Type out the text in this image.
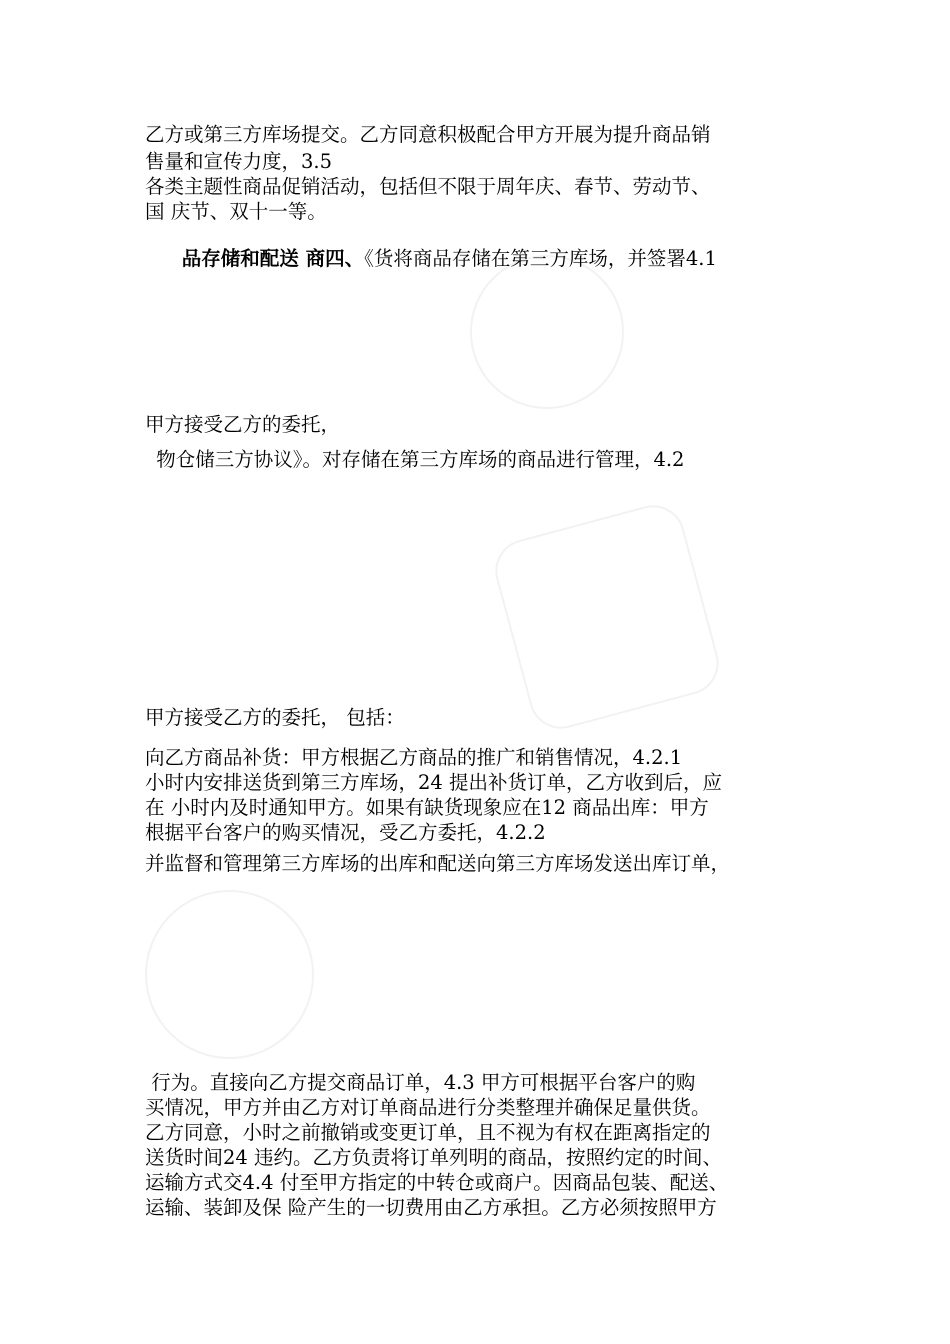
乙方或第三方库场提交。乙方同意积极配合甲方开展为提升商品销
售量和宣传力度，3.5
各类主题性商品促销活动，包括但不限于周年庆、春节、劳动节、
国 庆节、双十一等。

品存储和配送 商四、《货将商品存储在第三方库场，并签署4.1

甲方接受乙方的委托，
物仓储三方协议》。对存储在第三方库场的商品进行管理，4.2
甲方接受乙方的委托， 包括：
向乙方商品补货：甲方根据乙方商品的推广和销售情况，4.2.1
小时内安排送货到第三方库场，24 提出补货订单，乙方收到后，应
在 小时内及时通知甲方。如果有缺货现象应在12 商品出库：甲方
根据平台客户的购买情况，受乙方委托，4.2.2
并监督和管理第三方库场的出库和配送向第三方库场发送出库订单，
行为。直接向乙方提交商品订单，4.3 甲方可根据平台客户的购
买情况，甲方并由乙方对订单商品进行分类整理并确保足量供货。
乙方同意，小时之前撤销或变更订单，且不视为有权在距离指定的
送货时间24 违约。乙方负责将订单列明的商品，按照约定的时间、
运输方式交4.4 付至甲方指定的中转仓或商户。因商品包装、配送、
运输、装卸及保 险产生的一切费用由乙方承担。乙方必须按照甲方
